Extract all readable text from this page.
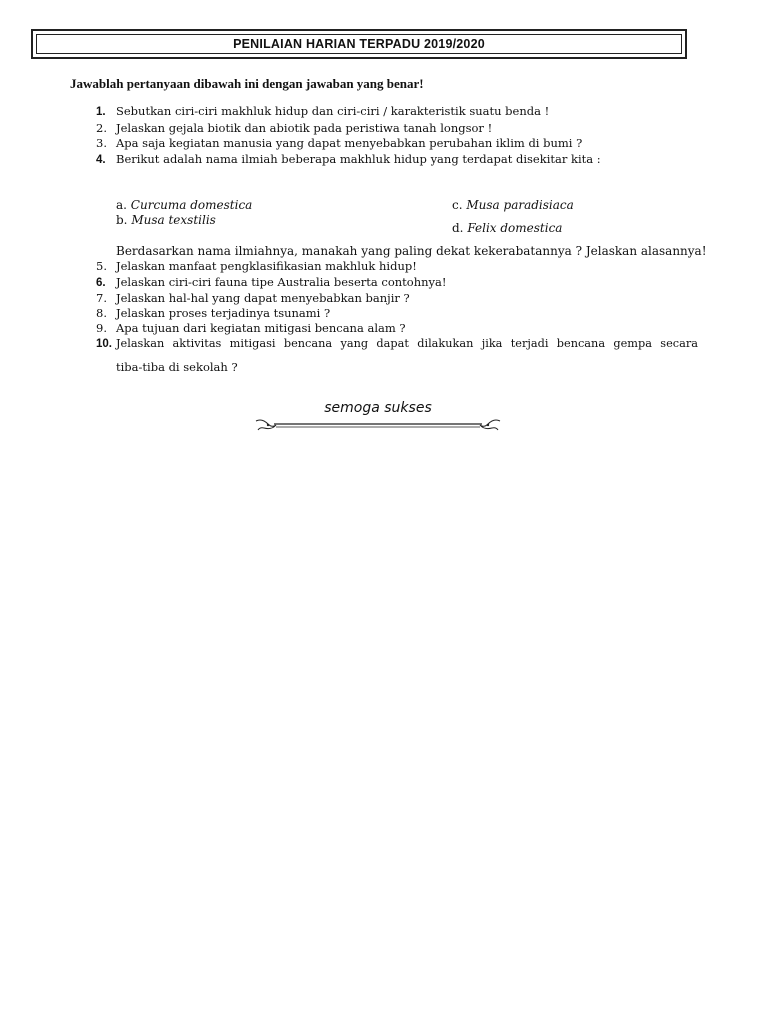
PENILAIAN HARIAN TERPADU 2019/2020
Jawablah pertanyaan dibawah ini dengan jawaban yang benar!
1. Sebutkan ciri-ciri makhluk hidup dan ciri-ciri / karakteristik suatu benda !
2. Jelaskan gejala biotik dan abiotik pada peristiwa tanah longsor !
3. Apa saja kegiatan manusia yang dapat menyebabkan perubahan iklim di bumi ?
4. Berikut adalah nama ilmiah beberapa makhluk hidup yang terdapat disekitar kita :
a. Curcuma domestica
b. Musa texstilis
c. Musa paradisiaca
d. Felix domestica
Berdasarkan nama ilmiahnya, manakah yang paling dekat kekerabatannya ? Jelaskan alasannya!
5. Jelaskan manfaat pengklasifikasian makhluk hidup!
6. Jelaskan ciri-ciri fauna tipe Australia beserta contohnya!
7. Jelaskan hal-hal yang dapat menyebabkan banjir ?
8. Jelaskan proses terjadinya tsunami ?
9. Apa tujuan dari kegiatan mitigasi bencana alam ?
10. Jelaskan aktivitas mitigasi bencana yang dapat dilakukan jika terjadi bencana gempa secara
tiba-tiba di sekolah ?
semoga sukses
